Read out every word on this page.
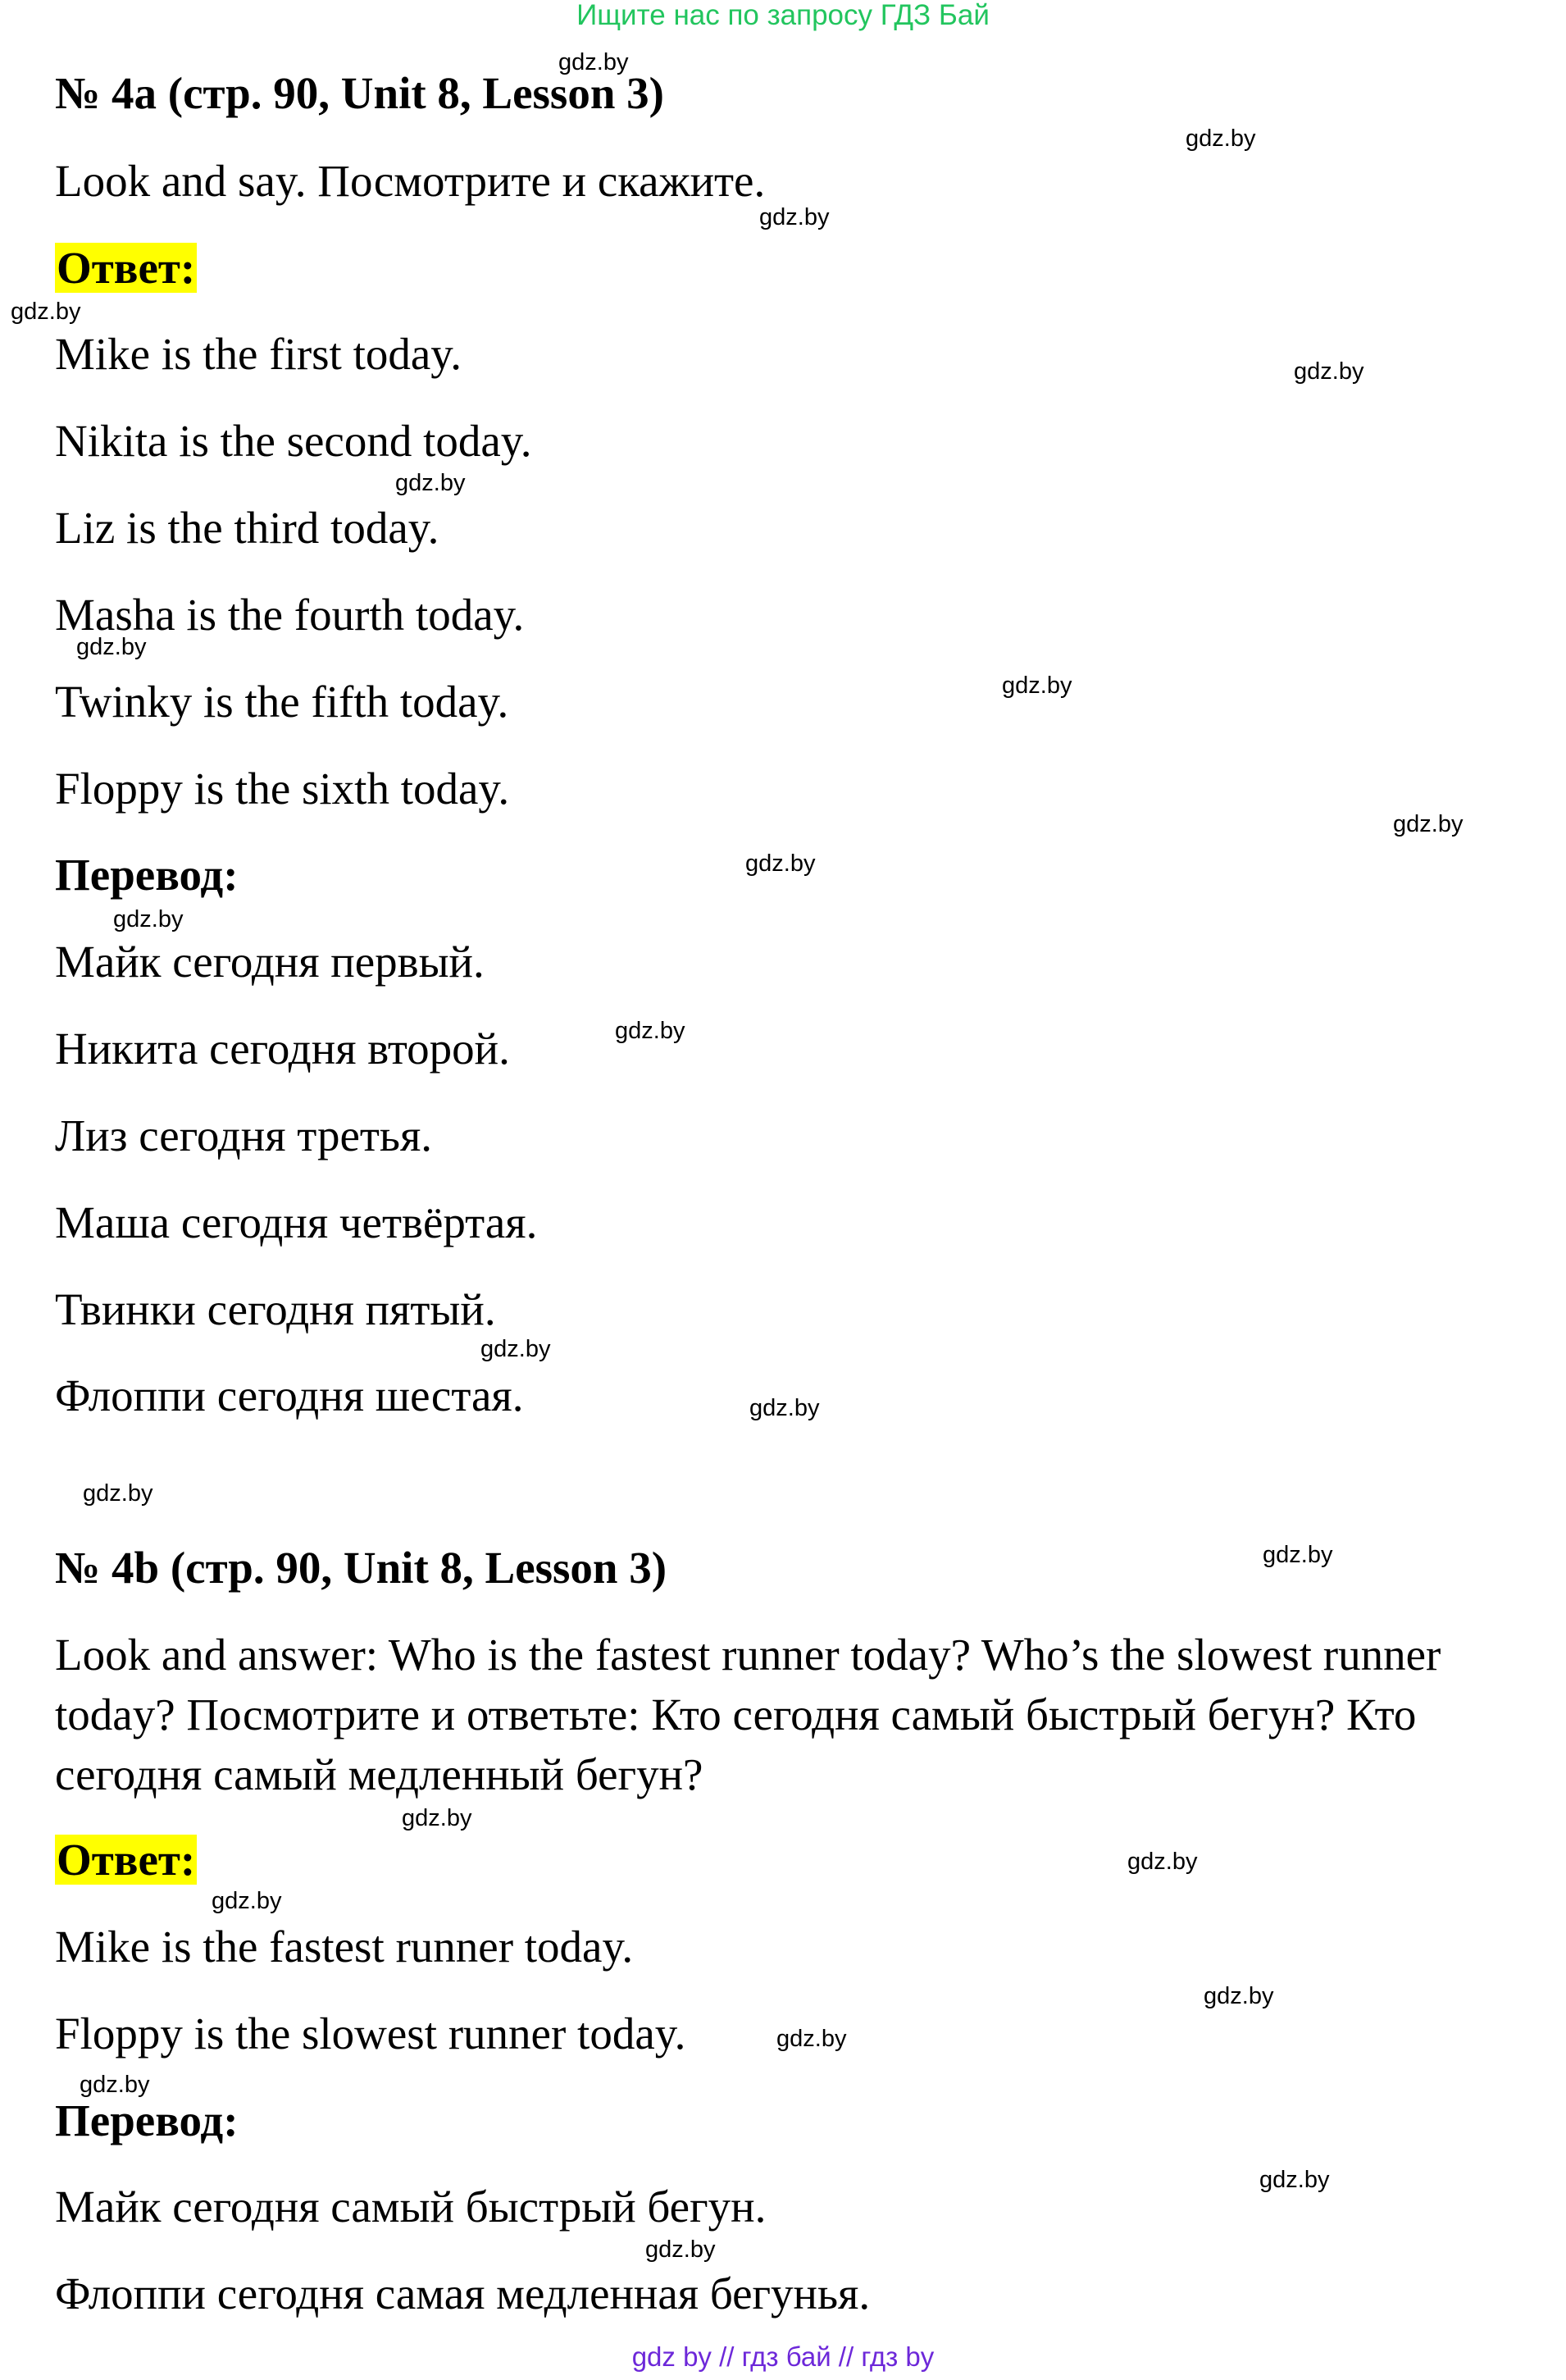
Ищите нас по запросу ГДЗ Бай
№ 4a (стр. 90, Unit 8, Lesson 3)
Look and say. Посмотрите и скажите.
Ответ:
Mike is the first today.
Nikita is the second today.
Liz is the third today.
Masha is the fourth today.
Twinky is the fifth today.
Floppy is the sixth today.
Перевод:
Майк сегодня первый.
Никита сегодня второй.
Лиз сегодня третья.
Маша сегодня четвёртая.
Твинки сегодня пятый.
Флоппи сегодня шестая.
№ 4b (стр. 90, Unit 8, Lesson 3)
Look and answer: Who is the fastest runner today? Who’s the slowest runner
today? Посмотрите и ответьте: Кто сегодня самый быстрый бегун? Кто
сегодня самый медленный бегун?
Ответ:
Mike is the fastest runner today.
Floppy is the slowest runner today.
Перевод:
Майк сегодня самый быстрый бегун.
Флоппи сегодня самая медленная бегунья.
gdz.by
gdz.by
gdz.by
gdz.by
gdz.by
gdz.by
gdz.by
gdz.by
gdz.by
gdz.by
gdz.by
gdz.by
gdz.by
gdz.by
gdz.by
gdz.by
gdz.by
gdz.by
gdz.by
gdz.by
gdz.by
gdz.by
gdz.by
gdz.by
gdz by // гдз бай // гдз by
